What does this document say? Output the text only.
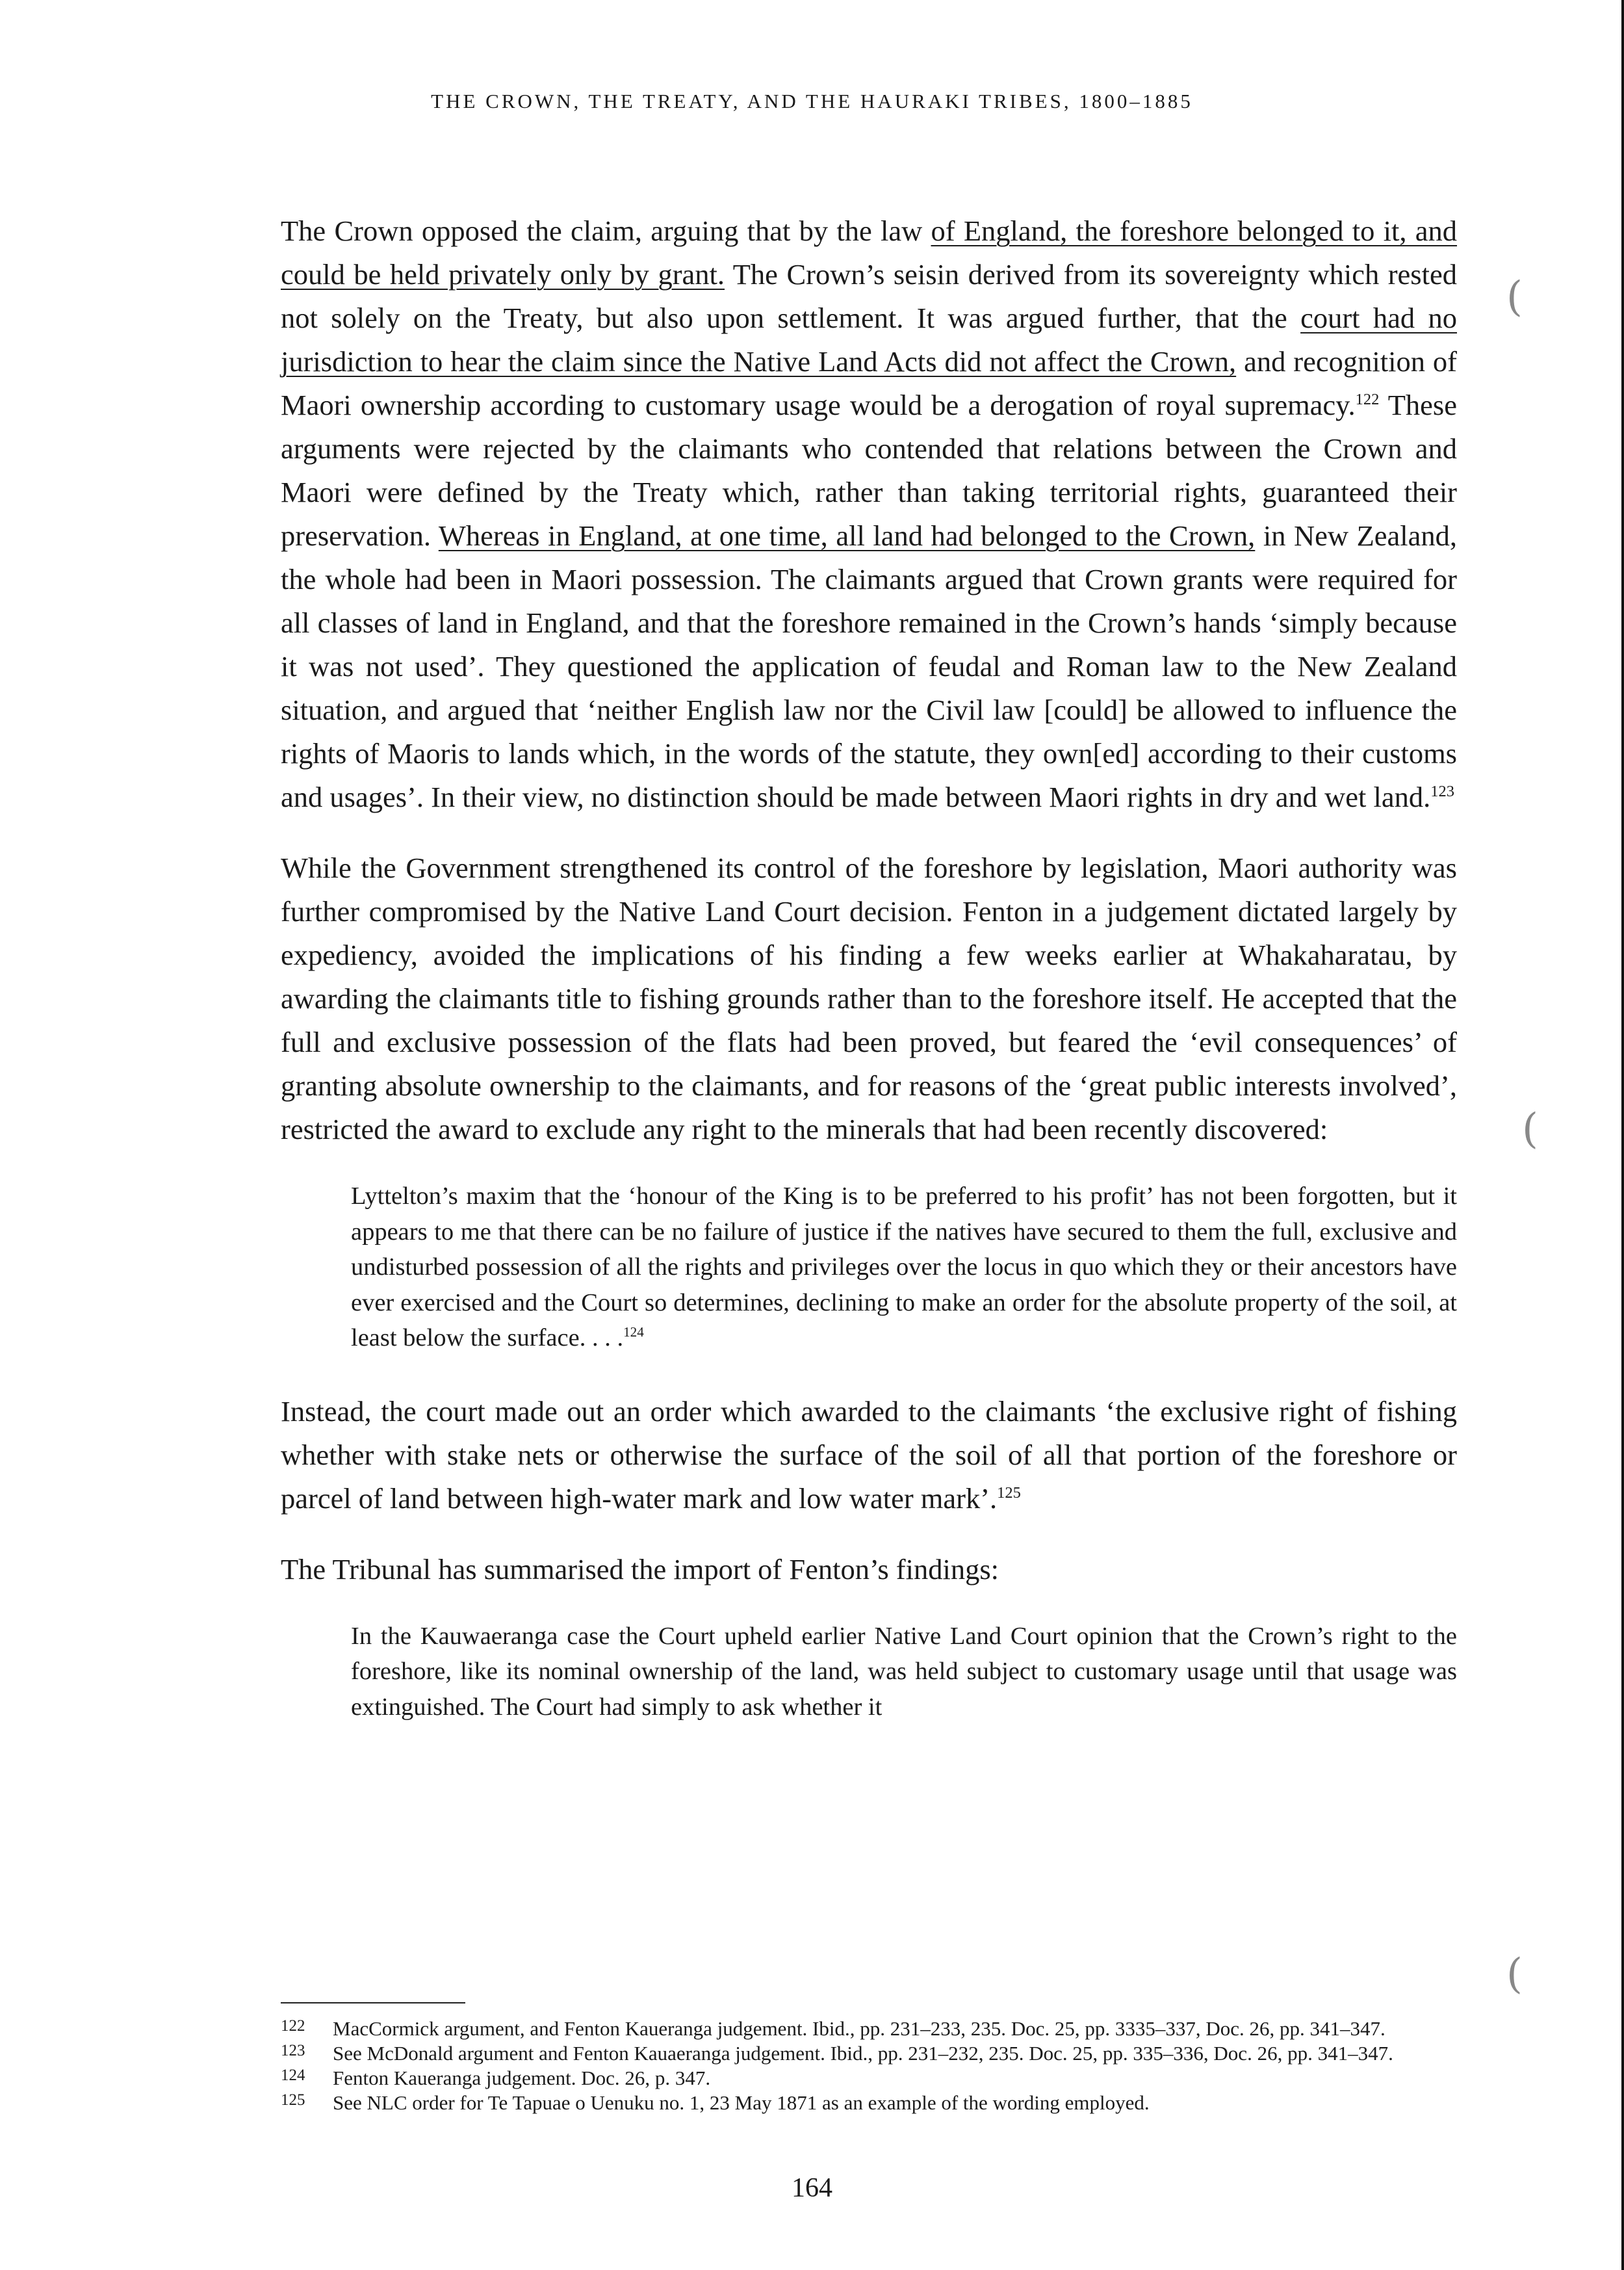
THE CROWN, THE TREATY, AND THE HAURAKI TRIBES, 1800–1885
(
(
(

The Crown opposed the claim, arguing that by the law of England, the foreshore belonged to it, and could be held privately only by grant. The Crown’s seisin derived from its sovereignty which rested not solely on the Treaty, but also upon settlement. It was argued further, that the court had no jurisdiction to hear the claim since the Native Land Acts did not affect the Crown, and recognition of Maori ownership according to customary usage would be a derogation of royal supremacy.$^{122}$ These arguments were rejected by the claimants who contended that relations between the Crown and Maori were defined by the Treaty which, rather than taking territorial rights, guaranteed their preservation. Whereas in England, at one time, all land had belonged to the Crown, in New Zealand, the whole had been in Maori possession. The claimants argued that Crown grants were required for all classes of land in England, and that the foreshore remained in the Crown’s hands ‘simply because it was not used’. They questioned the application of feudal and Roman law to the New Zealand situation, and argued that ‘neither English law nor the Civil law [could] be allowed to influence the rights of Maoris to lands which, in the words of the statute, they own[ed] according to their customs and usages’. In their view, no distinction should be made between Maori rights in dry and wet land.$^{123}$

While the Government strengthened its control of the foreshore by legislation, Maori authority was further compromised by the Native Land Court decision. Fenton in a judgement dictated largely by expediency, avoided the implications of his finding a few weeks earlier at Whakaharatau, by awarding the claimants title to fishing grounds rather than to the foreshore itself. He accepted that the full and exclusive possession of the flats had been proved, but feared the ‘evil consequences’ of granting absolute ownership to the claimants, and for reasons of the ‘great public interests involved’, restricted the award to exclude any right to the minerals that had been recently discovered:

Lyttelton’s maxim that the ‘honour of the King is to be preferred to his profit’ has not been forgotten, but it appears to me that there can be no failure of justice if the natives have secured to them the full, exclusive and undisturbed possession of all the rights and privileges over the locus in quo which they or their ancestors have ever exercised and the Court so determines, declining to make an order for the absolute property of the soil, at least below the surface. . . .$^{124}$

Instead, the court made out an order which awarded to the claimants ‘the exclusive right of fishing whether with stake nets or otherwise the surface of the soil of all that portion of the foreshore or parcel of land between high-water mark and low water mark’.$^{125}$

The Tribunal has summarised the import of Fenton’s findings:

In the Kauwaeranga case the Court upheld earlier Native Land Court opinion that the Crown’s right to the foreshore, like its nominal ownership of the land, was held subject to customary usage until that usage was extinguished. The Court had simply to ask whether it

122 MacCormick argument, and Fenton Kaueranga judgement. Ibid., pp. 231–233, 235. Doc. 25, pp. 3335–337, Doc. 26, pp. 341–347.

123 See McDonald argument and Fenton Kauaeranga judgement. Ibid., pp. 231–232, 235. Doc. 25, pp. 335–336, Doc. 26, pp. 341–347.

124 Fenton Kaueranga judgement. Doc. 26, p. 347.

125 See NLC order for Te Tapuae o Uenuku no. 1, 23 May 1871 as an example of the wording employed.

164
